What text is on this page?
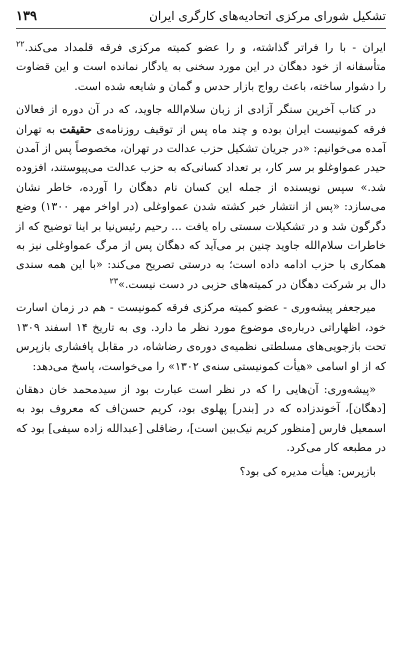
تشکیل شورای مرکزی اتحادیه‌های کارگری ایران
۱۳۹

ایران - با را فراتر گذاشته، و را عضو کمیته مرکزی فرقه قلمداد می‌کند.$^{۲۲}$ متأسفانه از خود دهگان در این مورد سخنی به یادگار نمانده است و این قضاوت را دشوار ساخته، باعث رواج بازار حدس و گمان و شایعه شده است.

در کتاب آخرین سنگر آزادی از زبان سلام‌الله جاوید، که در آن دوره از فعالان فرقه کمونیست ایران بوده و چند ماه پس از توقیف روزنامه‌ی حقیقت به تهران آمده می‌خوانیم: «در جریان تشکیل حزب عدالت در تهران، مخصوصاً پس از آمدن حیدر عمواوغلو بر سر کار، بر تعداد کسانی‌که به حزب عدالت می‌پیوستند، افزوده شد.» سپس نویسنده از جمله این کسان نام دهگان را آورده، خاطر نشان می‌سازد: «پس از انتشار خبر کشته شدن عمواوغلی (در اواخر مهر ۱۳۰۰) وضع دگرگون شد و در تشکیلات سستی راه یافت ... رحیم رئیس‌نیا بر اینا توضیح که از خاطرات سلام‌الله جاوید چنین بر می‌آید که دهگان پس از مرگ عمواوغلی نیز به همکاری با حزب ادامه داده است؛ به درستی تصریح می‌کند: «با این همه سندی دال بر شرکت دهگان در کمیته‌های حزبی در دست نیست.»$^{۲۳}$

میرجعفر پیشه‌وری - عضو کمیته مرکزی فرقه کمونیست - هم در زمان اسارت خود، اظهاراتی درباره‌ی موضوع مورد نظر ما دارد. وی به تاریخ ۱۴ اسفند ۱۳۰۹ تحت بازجویی‌های مسلطتی نظمیه‌ی دوره‌ی رضاشاه، در مقابل پافشاری بازپرس که از او اسامی «هیأت کمونیستی سنه‌ی ۱۳۰۲» را می‌خواست، پاسخ می‌دهد:

«پیشه‌وری: آن‌هایی را که در نظر است عبارت بود از سیدمحمد خان دهقان [دهگان]، آخوندزاده که در [بندر] پهلوی بود، کریم حسن‌اف که معروف بود به اسمعیل فارس [منظور کریم نیک‌بین است]، رضاقلی [عبدالله زاده سیفی] بود که در مطبعه کار می‌کرد.

بازپرس: هیأت مدیره کی بود؟
